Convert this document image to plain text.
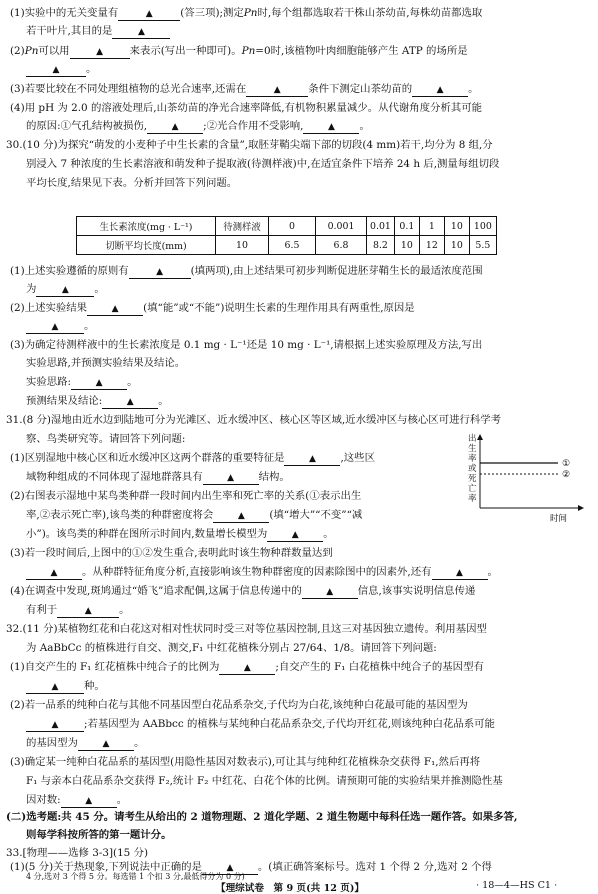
(1)实验中的无关变量有	▲	(答三项);测定Pn时,每个组都选取若干株山茶幼苗,每株幼苗都选取
若干叶片,其目的是	▲
(2)Pn可以用	▲	来表示(写出一种即可)。Pn=0时,该植物叶肉细胞能够产生 ATP 的场所是
▲	。
(3)若要比较在不同处理组植物的总光合速率,还需在	▲	条件下测定山茶幼苗的	▲ 。
(4)用 pH 为 2.0 的溶液处理后,山茶幼苗的净光合速率降低,有机物积累量减少。从代谢角度分析其可能
的原因:①气孔结构被损伤,	▲ ;②光合作用不受影响,	▲ 。
30.(10 分)为探究“萌发的小麦种子中生长素的含量”,取胚芽鞘尖端下部的切段(4 mm)若干,均分为 8 组,分
别浸入 7 种浓度的生长素溶液和萌发种子提取液(待测样液)中,在适宜条件下培养 24 h 后,测量每组切段
平均长度,结果见下表。分析并回答下列问题。
生长素浓度(mg · L⁻¹)	待测样液	0	0.001	0.01	0.1	1	10	100
切断平均长度(mm)	10	6.5	6.8	8.2	10	12	10	5.5
(1)上述实验遵循的原则有	▲	(填两项),由上述结果可初步判断促进胚芽鞘生长的最适浓度范围
为	▲ 。
(2)上述实验结果	▲ (填“能”或“不能”)说明生长素的生理作用具有两重性,原因是
▲ 。
(3)为确定待测样液中的生长素浓度是 0.1 mg · L⁻¹还是 10 mg · L⁻¹,请根据上述实验原理及方法,写出
实验思路,并预测实验结果及结论。
实验思路:	▲ 。
预测结果及结论:	▲ 。
31.(8 分)湿地由近水边到陆地可分为光滩区、近水缓冲区、核心区等区域,近水缓冲区与核心区可进行科学考
察、鸟类研究等。请回答下列问题:
(1)区别湿地中核心区和近水缓冲区这两个群落的重要特征是	▲ ,这些区
域物种组成的不同体现了湿地群落具有	▲ 结构。
(2)右图表示湿地中某鸟类种群一段时间内出生率和死亡率的关系(①表示出生
率,②表示死亡率),该鸟类的种群密度将会	▲ (填“增大”“不变”“减
小”)。该鸟类的种群在图所示时间内,数量增长模型为	▲ 。
(3)若一段时间后,上图中的①②发生重合,表明此时该生物种群数量达到
▲ 。从种群特征角度分析,直接影响该生物种群密度的因素除图中的因素外,还有	▲ 。
(4)在调查中发现,斑鸠通过“婚飞”追求配偶,这属于信息传递中的	▲ 信息,该事实说明信息传递
有利于	▲	。
出
生
率
或
死
亡
率
①
②
时间
32.(11 分)某植物红花和白花这对相对性状同时受三对等位基因控制,且这三对基因独立遗传。利用基因型
为 AaBbCc 的植株进行自交、测交,F₁ 中红花植株分别占 27/64、1/8。请回答下列问题:
(1)自交产生的 F₁ 红花植株中纯合子的比例为	▲ ;自交产生的 F₁ 白花植株中纯合子的基因型有
▲ 种。
(2)若一品系的纯种白花与其他不同基因型白花品系杂交,子代均为白花,该纯种白花最可能的基因型为
▲ ;若基因型为 AABbcc 的植株与某纯种白花品系杂交,子代均开红花,则该纯种白花品系可能
的基因型为	▲ 。
(3)确定某一纯种白花品系的基因型(用隐性基因对数表示),可让其与纯种红花植株杂交获得 F₁,然后再将
F₁ 与亲本白花品系杂交获得 F₂,统计 F₂ 中红花、白花个体的比例。请预期可能的实验结果并推测隐性基
因对数:	▲ 。
(二)选考题:共 45 分。请考生从给出的 2 道物理题、2 道化学题、2 道生物题中每科任选一题作答。如果多答,
则每学科按所答的第一题计分。
33.[物理——选修 3-3](15 分)
(1)(5 分)关于热现象,下列说法中正确的是	▲ 。(填正确答案标号。选对 1 个得 2 分,选对 2 个得
4 分,选对 3 个得 5 分。每选错 1 个扣 3 分,最低得分为 0 分)
【理综试卷　第 9 页(共 12 页)】	· 18—4—HS C1 ·
